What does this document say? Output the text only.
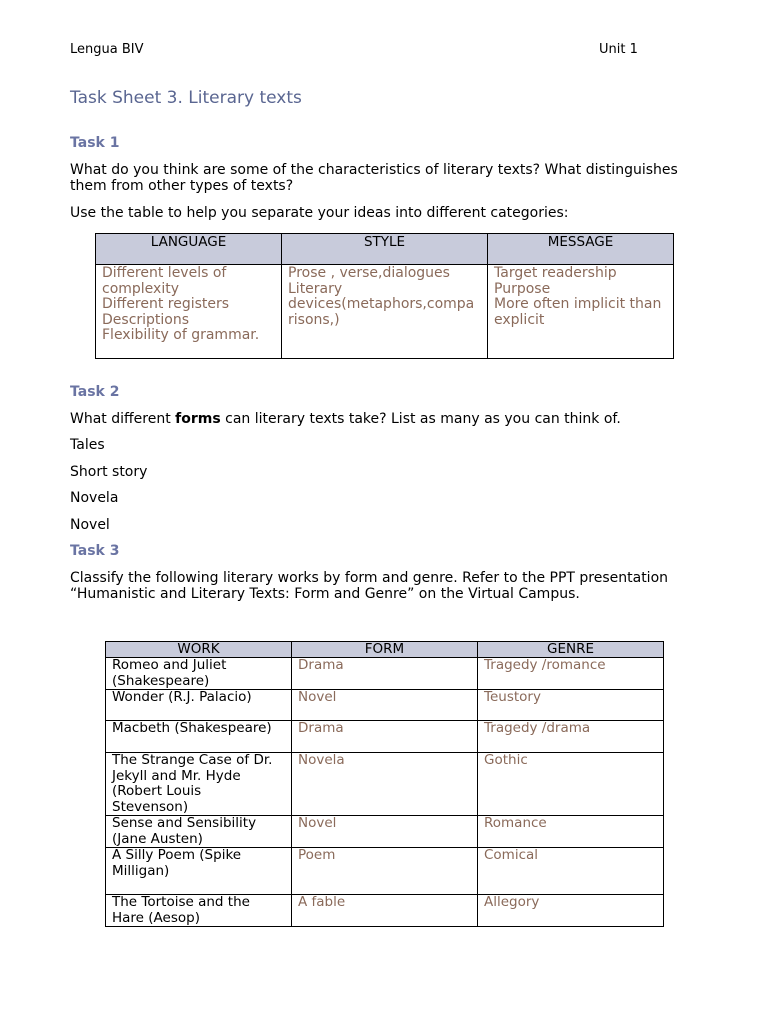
Lengua BIV	Unit 1
Task Sheet 3. Literary texts
Task 1
What do you think are some of the characteristics of literary texts? What distinguishes
them from other types of texts?
Use the table to help you separate your ideas into different categories:
LANGUAGE	STYLE	MESSAGE

Different levels of
complexity
Different registers
Descriptions
Flexibility of grammar.	Prose , verse,dialogues
Literary
devices(metaphors,compa
risons,)	Target readership
Purpose
More often implicit than
explicit
Task 2
What different forms can literary texts take? List as many as you can think of.
Tales
Short story
Novela
Novel
Task 3
Classify the following literary works by form and genre. Refer to the PPT presentation
“Humanistic and Literary Texts: Form and Genre” on the Virtual Campus.
WORK	FORM	GENRE

Romeo and Juliet
(Shakespeare)	Drama	Tragedy /romance

Wonder (R.J. Palacio)	Novel	Teustory

Macbeth (Shakespeare)	Drama	Tragedy /drama

The Strange Case of Dr.
Jekyll and Mr. Hyde
(Robert Louis
Stevenson)	Novela	Gothic

Sense and Sensibility
(Jane Austen)	Novel	Romance

A Silly Poem (Spike
Milligan)	Poem	Comical

The Tortoise and the
Hare (Aesop)	A fable	Allegory
